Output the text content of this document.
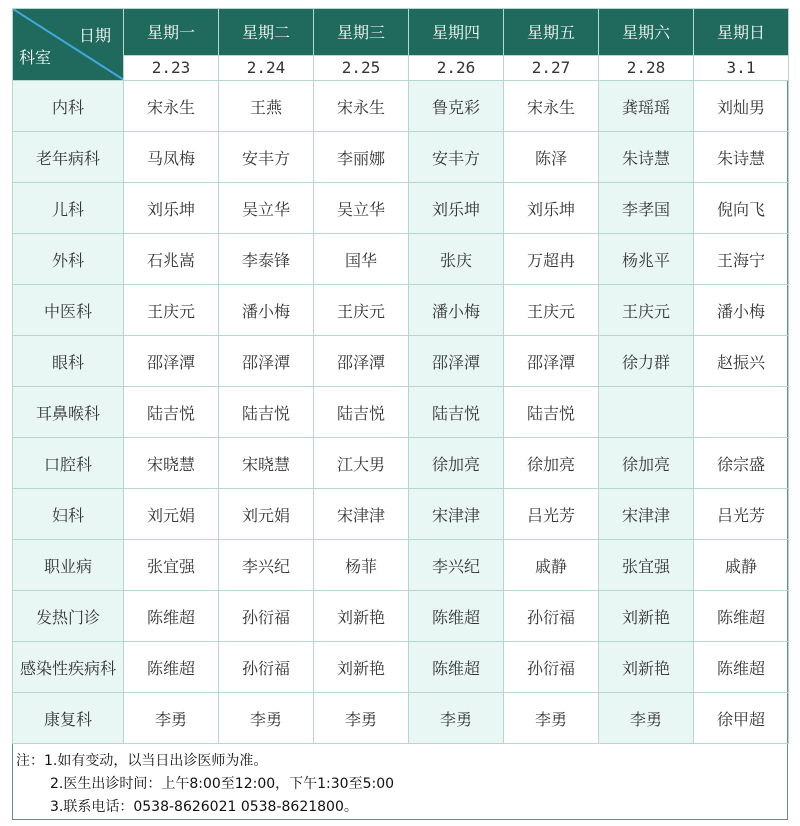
日期
科室	星期一	星期二	星期三	星期四	星期五	星期六	星期日
	2.23	2.24	2.25	2.26	2.27	2.28	3.1
内科	宋永生	王燕	宋永生	鲁克彩	宋永生	龚瑶瑶	刘灿男
老年病科	马凤梅	安丰方	李丽娜	安丰方	陈泽	朱诗慧	朱诗慧
儿科	刘乐坤	吴立华	吴立华	刘乐坤	刘乐坤	李孝国	倪向飞
外科	石兆嵩	李泰锋	国华	张庆	万超冉	杨兆平	王海宁
中医科	王庆元	潘小梅	王庆元	潘小梅	王庆元	王庆元	潘小梅
眼科	邵泽潭	邵泽潭	邵泽潭	邵泽潭	邵泽潭	徐力群	赵振兴
耳鼻喉科	陆吉悦	陆吉悦	陆吉悦	陆吉悦	陆吉悦		
口腔科	宋晓慧	宋晓慧	江大男	徐加亮	徐加亮	徐加亮	徐宗盛
妇科	刘元娟	刘元娟	宋津津	宋津津	吕光芳	宋津津	吕光芳
职业病	张宜强	李兴纪	杨菲	李兴纪	戚静	张宜强	戚静
发热门诊	陈维超	孙衍福	刘新艳	陈维超	孙衍福	刘新艳	陈维超
感染性疾病科	陈维超	孙衍福	刘新艳	陈维超	孙衍福	刘新艳	陈维超
康复科	李勇	李勇	李勇	李勇	李勇	李勇	徐甲超
注：1.如有变动，以当日出诊医师为准。
2.医生出诊时间：上午8:00至12:00，下午1:30至5:00
3.联系电话：0538-8626021 0538-8621800。
